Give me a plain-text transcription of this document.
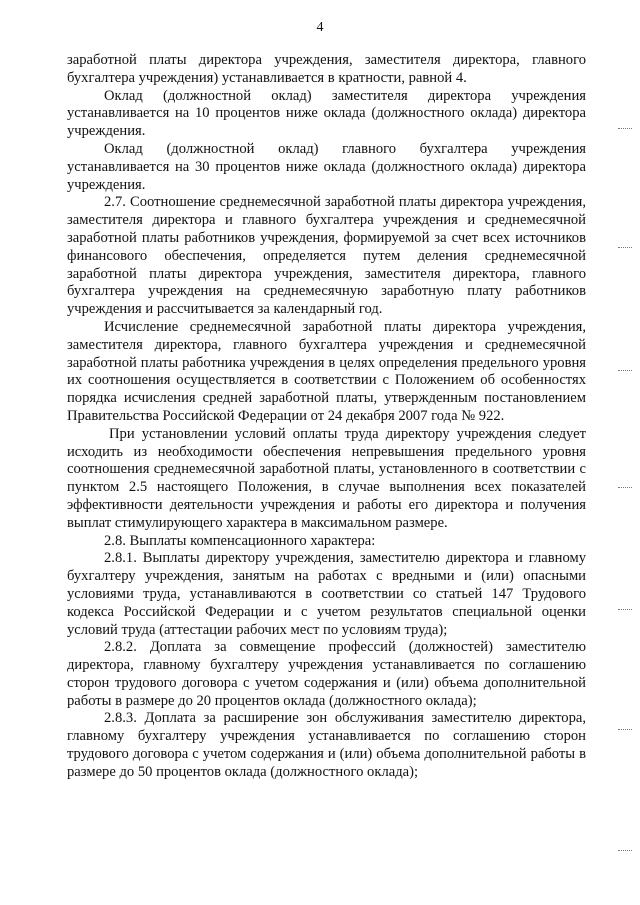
4

заработной платы директора учреждения, заместителя директора, главного бухгалтера учреждения) устанавливается в кратности, равной 4.

Оклад (должностной оклад) заместителя директора учреждения устанавливается на 10 процентов ниже оклада (должностного оклада) директора учреждения.

Оклад (должностной оклад) главного бухгалтера учреждения устанавливается на 30 процентов ниже оклада (должностного оклада) директора учреждения.

2.7. Соотношение среднемесячной заработной платы директора учреждения, заместителя директора и главного бухгалтера учреждения и среднемесячной заработной платы работников учреждения, формируемой за счет всех источников финансового обеспечения, определяется путем деления среднемесячной заработной платы директора учреждения, заместителя директора, главного бухгалтера учреждения на среднемесячную заработную плату работников учреждения и рассчитывается за календарный год.

Исчисление среднемесячной заработной платы директора учреждения, заместителя директора, главного бухгалтера учреждения и среднемесячной заработной платы работника учреждения в целях определения предельного уровня их соотношения осуществляется в соответствии с Положением об особенностях порядка исчисления средней заработной платы, утвержденным постановлением Правительства Российской Федерации от 24 декабря 2007 года № 922.

При установлении условий оплаты труда директору учреждения следует исходить из необходимости обеспечения непревышения предельного уровня соотношения среднемесячной заработной платы, установленного в соответствии с пунктом 2.5 настоящего Положения, в случае выполнения всех показателей эффективности деятельности учреждения и работы его директора и получения выплат стимулирующего характера в максимальном размере.

2.8. Выплаты компенсационного характера:

2.8.1. Выплаты директору учреждения, заместителю директора и главному бухгалтеру учреждения, занятым на работах с вредными и (или) опасными условиями труда, устанавливаются в соответствии со статьей 147 Трудового кодекса Российской Федерации и с учетом результатов специальной оценки условий труда (аттестации рабочих мест по условиям труда);

2.8.2. Доплата за совмещение профессий (должностей) заместителю директора, главному бухгалтеру учреждения устанавливается по соглашению сторон трудового договора с учетом содержания и (или) объема дополнительной работы в размере до 20 процентов оклада (должностного оклада);

2.8.3. Доплата за расширение зон обслуживания заместителю директора, главному бухгалтеру учреждения устанавливается по соглашению сторон трудового договора с учетом содержания и (или) объема дополнительной работы в размере до 50 процентов оклада (должностного оклада);
